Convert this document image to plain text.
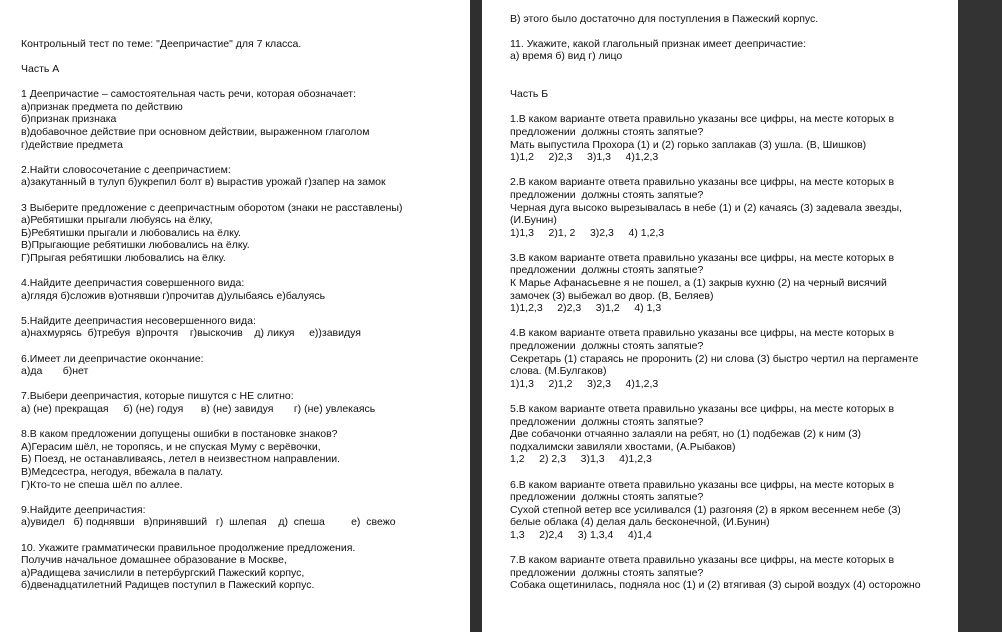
Контрольный тест по теме: "Деепричастие" для 7 класса.
Часть А
1 Деепричастие – самостоятельная часть речи, которая обозначает:
а)признак предмета по действию
б)признак признака
в)добавочное действие при основном действии, выраженном глаголом
г)действие предмета
2.Найти словосочетание с деепричастием:
а)закутанный в тулуп б)укрепил болт в) вырастив урожай г)запер на замок
3 Выберите предложение с деепричастным оборотом (знаки не расставлены)
а)Ребятишки прыгали любуясь на ёлку,
Б)Ребятишки прыгали и любовались на ёлку.
В)Прыгающие ребятишки любовались на ёлку.
Г)Прыгая ребятишки любовались на ёлку.
4.Найдите деепричастия совершенного вида:
а)глядя б)сложив в)отнявши г)прочитав д)улыбаясь е)балуясь
5.Найдите деепричастия несовершенного вида:
а)нахмурясь  б)требуя  в)прочтя    г)выскочив    д) ликуя     е))завидуя
6.Имеет ли деепричастие окончание:
а)да       б)нет
7.Выбери деепричастия, которые пишутся с НЕ слитно:
а) (не) прекращая     б) (не) годуя      в) (не) завидуя       г) (не) увлекаясь
8.В каком предложении допущены ошибки в постановке знаков?
А)Герасим шёл, не торопясь, и не спуская Муму с верёвочки,
Б) Поезд, не останавливаясь, летел в неизвестном направлении.
В)Медсестра, негодуя, вбежала в палату.
Г)Кто-то не спеша шёл по аллее.
9.Найдите деепричастия:
а)увидел   б) поднявши   в)принявший   г)  шлепая    д)  спеша         е)  свежо
10. Укажите грамматически правильное продолжение предложения.
Получив начальное домашнее образование в Москве,
а)Радищева зачислили в петербургский Пажеский корпус,
б)двенадцатилетний Радищев поступил в Пажеский корпус.
В) этого было достаточно для поступления в Пажеский корпус.
11. Укажите, какой глагольный признак имеет деепричастие:
а) время б) вид г) лицо
Часть Б
1.В каком варианте ответа правильно указаны все цифры, на месте которых в
предложении  должны стоять запятые?
Мать выпустила Прохора (1) и (2) горько заплакав (3) ушла. (В, Шишков)
1)1,2     2)2,3     3)1,3     4)1,2,3
2.В каком варианте ответа правильно указаны все цифры, на месте которых в
предложении  должны стоять запятые?
Черная дуга высоко вырезывалась в небе (1) и (2) качаясь (3) задевала звезды,
(И.Бунин)
1)1,3     2)1, 2     3)2,3     4) 1,2,3
3.В каком варианте ответа правильно указаны все цифры, на месте которых в
предложении  должны стоять запятые?
К Марье Афанасьевне я не пошел, а (1) закрыв кухню (2) на черный висячий
замочек (3) выбежал во двор. (В, Беляев)
1)1,2,3     2)2,3     3)1,2     4) 1,3
4.В каком варианте ответа правильно указаны все цифры, на месте которых в
предложении  должны стоять запятые?
Секретарь (1) стараясь не проронить (2) ни слова (3) быстро чертил на пергаменте
слова. (М.Булгаков)
1)1,3     2)1,2     3)2,3     4)1,2,3
5.В каком варианте ответа правильно указаны все цифры, на месте которых в
предложении  должны стоять запятые?
Две собачонки отчаянно залаяли на ребят, но (1) подбежав (2) к ним (3)
подхалимски завиляли хвостами, (А.Рыбаков)
1,2     2) 2,3     3)1,3     4)1,2,3
6.В каком варианте ответа правильно указаны все цифры, на месте которых в
предложении  должны стоять запятые?
Сухой степной ветер все усиливался (1) разгоняя (2) в ярком весеннем небе (3)
белые облака (4) делая даль бесконечной, (И.Бунин)
1,3     2)2,4     3) 1,3,4     4)1,4
7.В каком варианте ответа правильно указаны все цифры, на месте которых в
предложении  должны стоять запятые?
Собака ощетинилась, подняла нос (1) и (2) втягивая (3) сырой воздух (4) осторожно
